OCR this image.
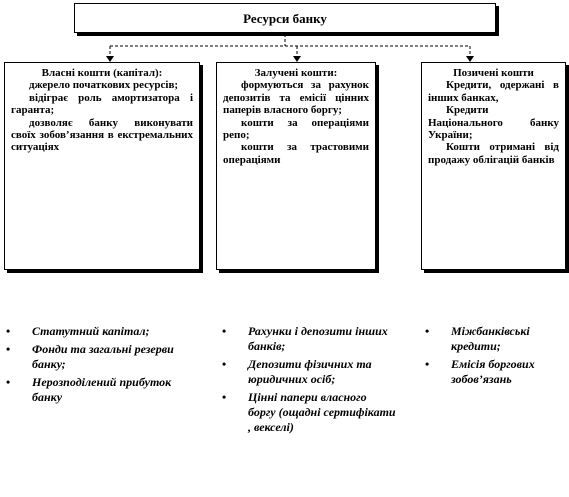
Ресурси банку
Власні кошти (капітал):
джерело початкових ресурсів;
відіграє роль амортизатора і гаранта;
дозволяє банку виконувати своїх зобов’язання в екстремальних ситуаціях
Залучені кошти:
формуються за рахунок депозитів та емісії цінних паперів власного боргу;
кошти за операціями репо;
кошти за трастовими операціями
Позичені кошти
Кредити, одержані в інших банках,
Кредити Національного банку України;
Кошти отримані від продажу облігацій банків
• Статутний капітал;
• Фонди та загальні резерви банку;
• Нерозподілений прибуток банку
• Рахунки і депозити інших банків;
• Депозити фізичних та юридичних осіб;
• Цінні папери власного боргу (ощадні сертифікати , векселі)
• Міжбанківські кредити;
• Емісія боргових зобов’язань
